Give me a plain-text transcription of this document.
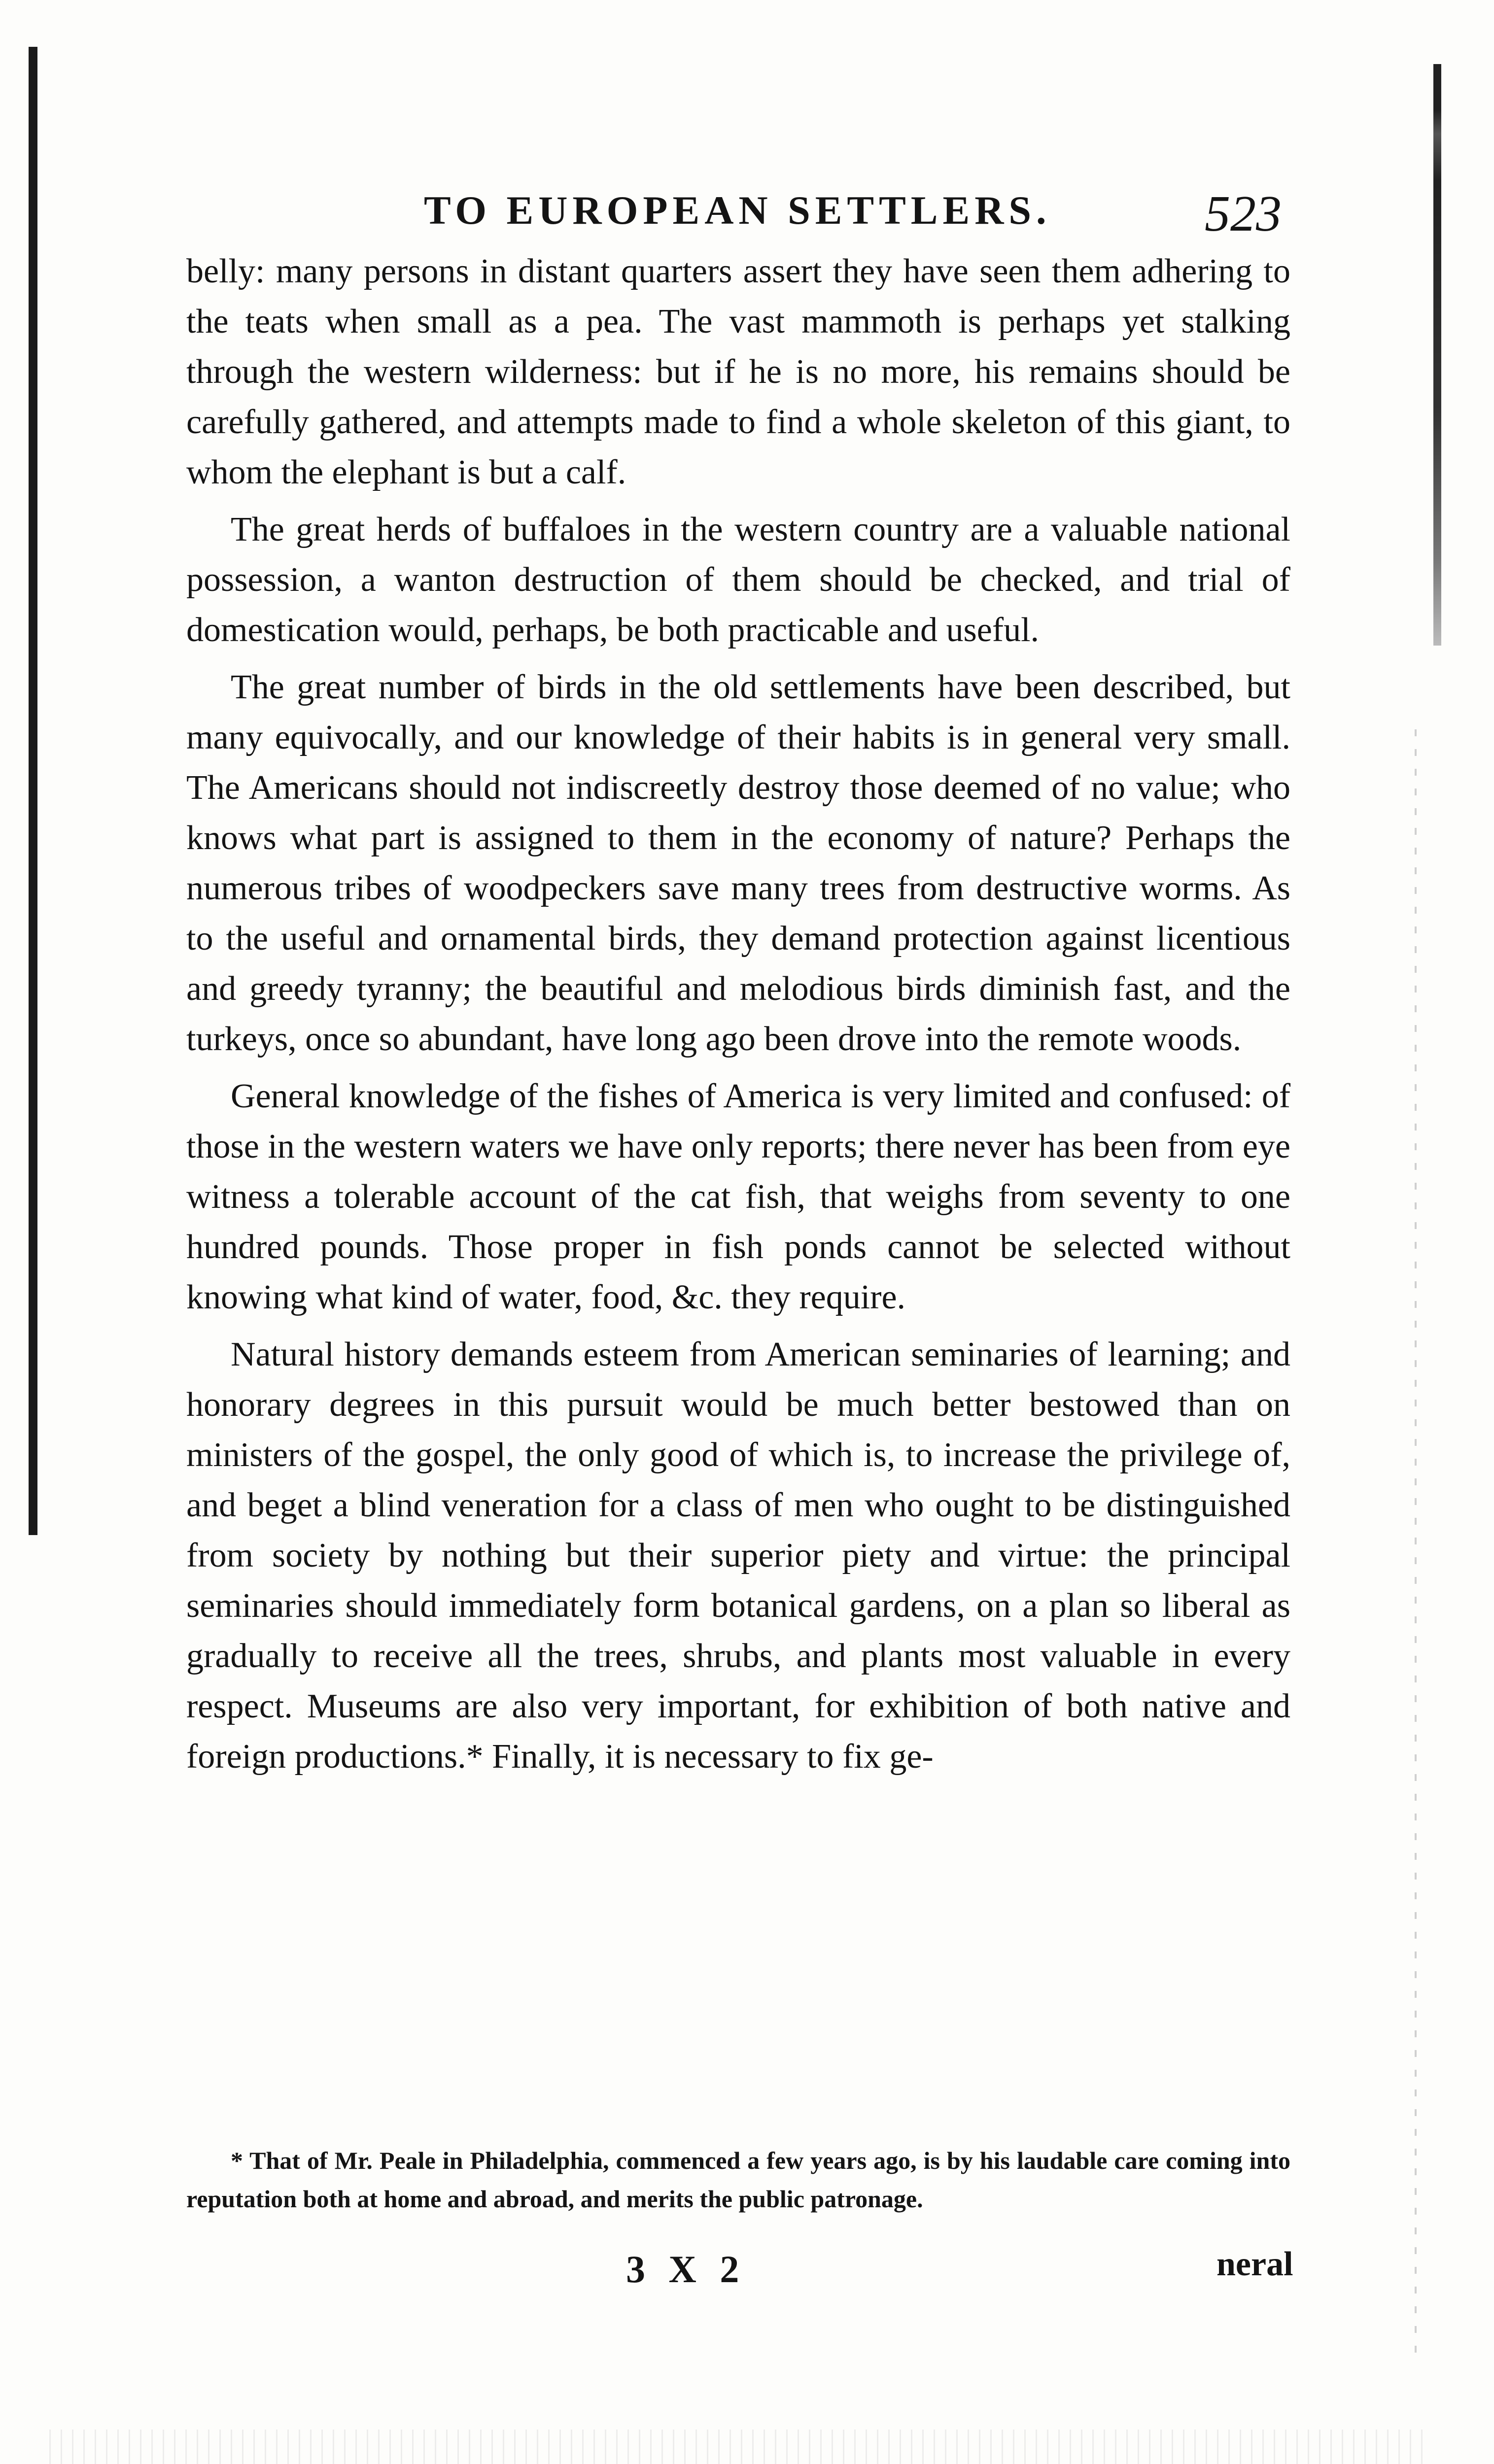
TO EUROPEAN SETTLERS.	523

belly: many persons in distant quarters assert they have seen them adhering to the teats when small as a pea. The vast mammoth is perhaps yet stalking through the western wilderness: but if he is no more, his remains should be carefully gathered, and attempts made to find a whole skeleton of this giant, to whom the elephant is but a calf.

The great herds of buffaloes in the western country are a valuable national possession, a wanton destruction of them should be checked, and trial of domestication would, perhaps, be both practicable and useful.

The great number of birds in the old settlements have been described, but many equivocally, and our knowledge of their habits is in general very small. The Americans should not indiscreetly destroy those deemed of no value; who knows what part is assigned to them in the economy of nature? Perhaps the numerous tribes of woodpeckers save many trees from destructive worms. As to the useful and ornamental birds, they demand protection against licentious and greedy tyranny; the beautiful and melodious birds diminish fast, and the turkeys, once so abundant, have long ago been drove into the remote woods.

General knowledge of the fishes of America is very limited and confused: of those in the western waters we have only reports; there never has been from eye witness a tolerable account of the cat fish, that weighs from seventy to one hundred pounds. Those proper in fish ponds cannot be selected without knowing what kind of water, food, &c. they require.

Natural history demands esteem from American seminaries of learning; and honorary degrees in this pursuit would be much better bestowed than on ministers of the gospel, the only good of which is, to increase the privilege of, and beget a blind veneration for a class of men who ought to be distinguished from society by nothing but their superior piety and virtue: the principal seminaries should immediately form botanical gardens, on a plan so liberal as gradually to receive all the trees, shrubs, and plants most valuable in every respect. Museums are also very important, for exhibition of both native and foreign productions.* Finally, it is necessary to fix ge-

* That of Mr. Peale in Philadelphia, commenced a few years ago, is by his laudable care coming into reputation both at home and abroad, and merits the public patronage.

3 X 2	neral
